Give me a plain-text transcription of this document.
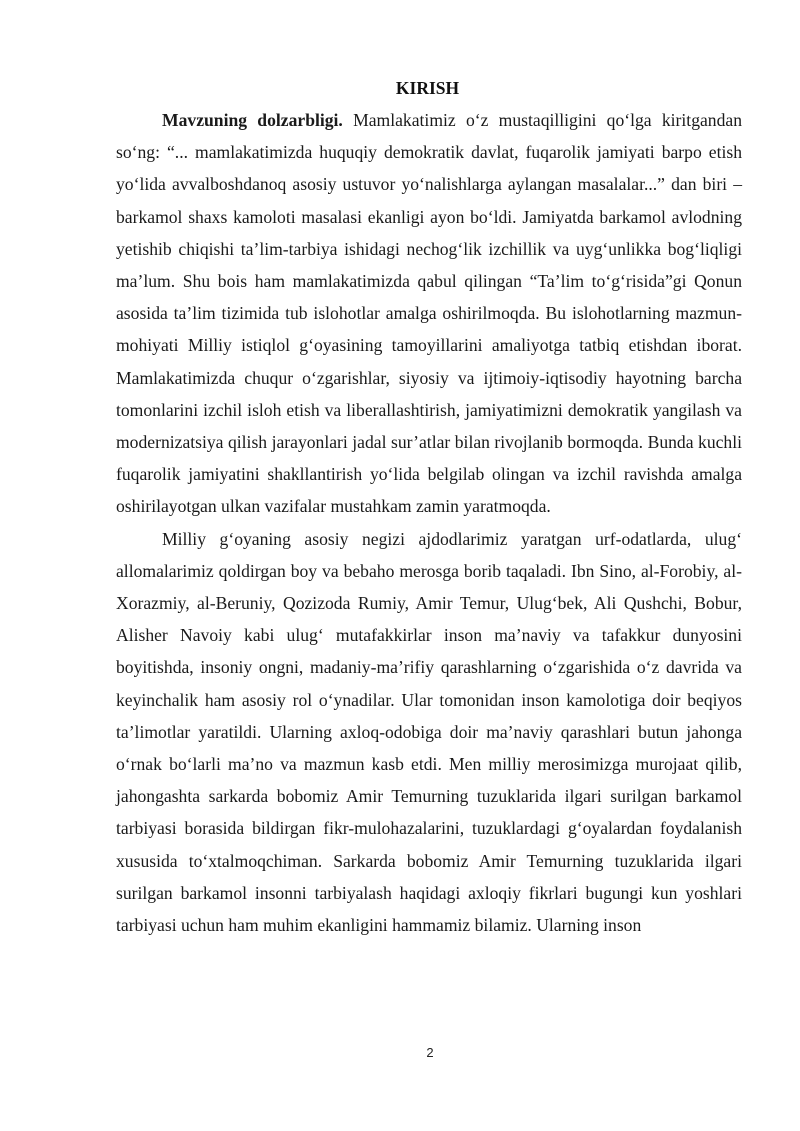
KIRISH

Mavzuning dolzarbligi. Mamlakatimiz o‘z mustaqilligini qo‘lga kiritgandan so‘ng: “... mamlakatimizda huquqiy demokratik davlat, fuqarolik jamiyati barpo etish yo‘lida avvalboshdanoq asosiy ustuvor yo‘nalishlarga aylangan masalalar...” dan biri – barkamol shaxs kamoloti masalasi ekanligi ayon bo‘ldi. Jamiyatda barkamol avlodning yetishib chiqishi ta’lim-tarbiya ishidagi nechog‘lik izchillik va uyg‘unlikka bog‘liqligi ma’lum. Shu bois ham mamlakatimizda qabul qilingan “Ta’lim to‘g‘risida”gi Qonun asosida ta’lim tizimida tub islohotlar amalga oshirilmoqda. Bu islohotlarning mazmun-mohiyati Milliy istiqlol g‘oyasining tamoyillarini amaliyotga tatbiq etishdan iborat. Mamlakatimizda chuqur o‘zgarishlar, siyosiy va ijtimoiy-iqtisodiy hayotning barcha tomonlarini izchil isloh etish va liberallashtirish, jamiyatimizni demokratik yangilash va modernizatsiya qilish jarayonlari jadal sur’atlar bilan rivojlanib bormoqda. Bunda kuchli fuqarolik jamiyatini shakllantirish yo‘lida belgilab olingan va izchil ravishda amalga oshirilayotgan ulkan vazifalar mustahkam zamin yaratmoqda.

Milliy g‘oyaning asosiy negizi ajdodlarimiz yaratgan urf-odatlarda, ulug‘ allomalarimiz qoldirgan boy va bebaho merosga borib taqaladi. Ibn Sino, al-Forobiy, al-Xorazmiy, al-Beruniy, Qozizoda Rumiy, Amir Temur, Ulug‘bek, Ali Qushchi, Bobur, Alisher Navoiy kabi ulug‘ mutafakkirlar inson ma’naviy va tafakkur dunyosini boyitishda, insoniy ongni, madaniy-ma’rifiy qarashlarning o‘zgarishida o‘z davrida va keyinchalik ham asosiy rol o‘ynadilar. Ular tomonidan inson kamolotiga doir beqiyos ta’limotlar yaratildi. Ularning axloq-odobiga doir ma’naviy qarashlari butun jahonga o‘rnak bo‘larli ma’no va mazmun kasb etdi. Men milliy merosimizga murojaat qilib, jahongashta sarkarda bobomiz Amir Temurning tuzuklarida ilgari surilgan barkamol tarbiyasi borasida bildirgan fikr-mulohazalarini, tuzuklardagi g‘oyalardan foydalanish xususida to‘xtalmoqchiman. Sarkarda bobomiz Amir Temurning tuzuklarida ilgari surilgan barkamol insonni tarbiyalash haqidagi axloqiy fikrlari bugungi kun yoshlari tarbiyasi uchun ham muhim ekanligini hammamiz bilamiz. Ularning inson

2
